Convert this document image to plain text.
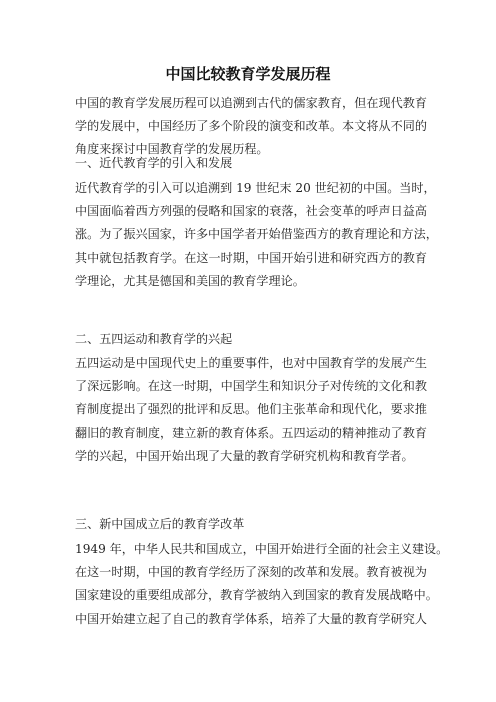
中国比较教育学发展历程
中国的教育学发展历程可以追溯到古代的儒家教育，但在现代教育
学的发展中，中国经历了多个阶段的演变和改革。本文将从不同的
角度来探讨中国教育学的发展历程。
一、近代教育学的引入和发展
近代教育学的引入可以追溯到 19 世纪末 20 世纪初的中国。当时，
中国面临着西方列强的侵略和国家的衰落，社会变革的呼声日益高
涨。为了振兴国家，许多中国学者开始借鉴西方的教育理论和方法，
其中就包括教育学。在这一时期，中国开始引进和研究西方的教育
学理论，尤其是德国和美国的教育学理论。
二、五四运动和教育学的兴起
五四运动是中国现代史上的重要事件，也对中国教育学的发展产生
了深远影响。在这一时期，中国学生和知识分子对传统的文化和教
育制度提出了强烈的批评和反思。他们主张革命和现代化，要求推
翻旧的教育制度，建立新的教育体系。五四运动的精神推动了教育
学的兴起，中国开始出现了大量的教育学研究机构和教育学者。
三、新中国成立后的教育学改革
1949 年，中华人民共和国成立，中国开始进行全面的社会主义建设。
在这一时期，中国的教育学经历了深刻的改革和发展。教育被视为
国家建设的重要组成部分，教育学被纳入到国家的教育发展战略中。
中国开始建立起了自己的教育学体系，培养了大量的教育学研究人
